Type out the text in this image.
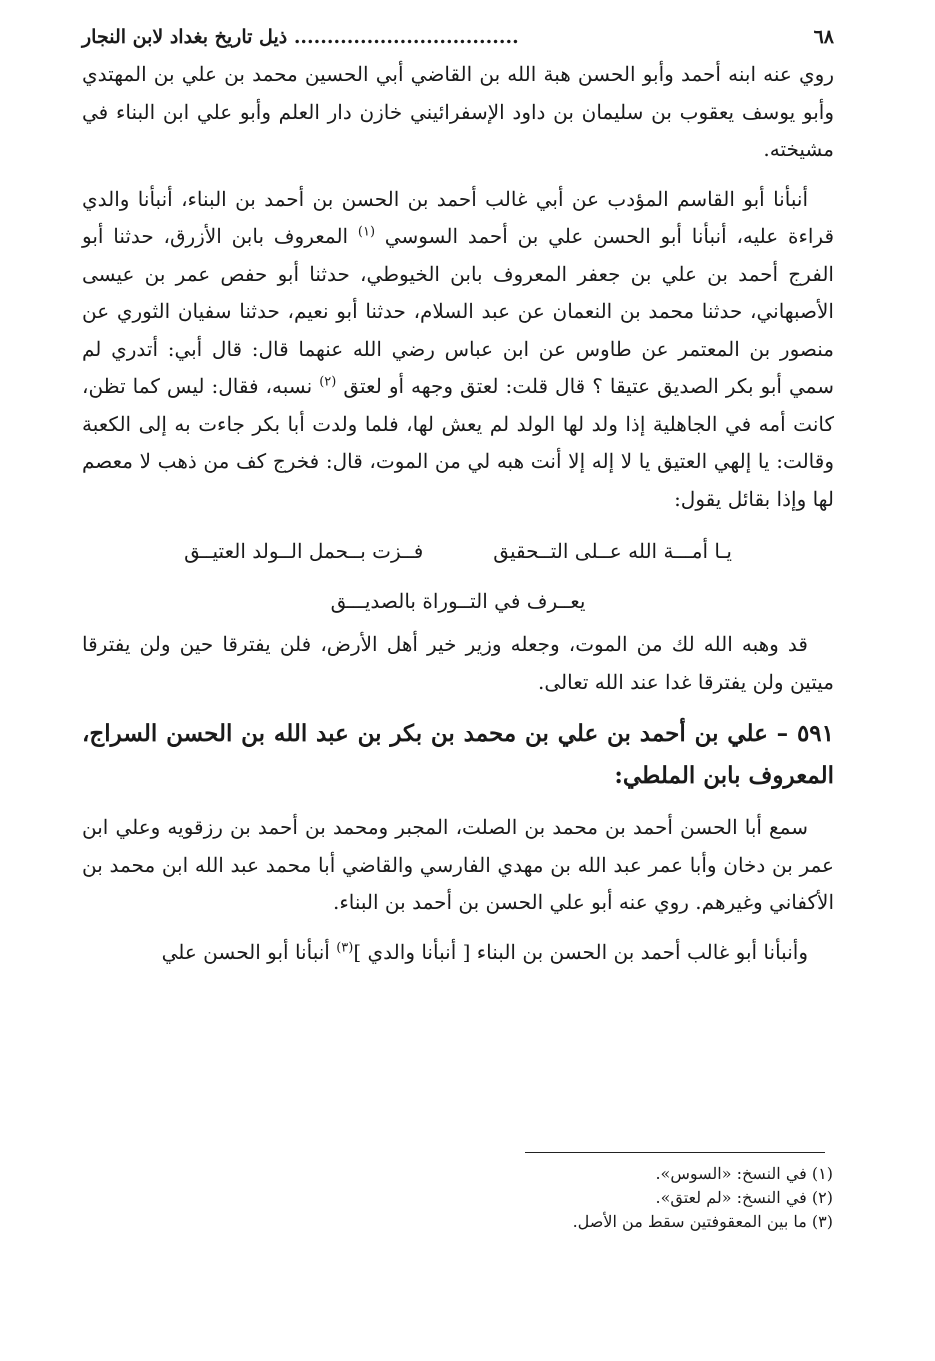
٦٨
.................................. ذيل تاريخ بغداد لابن النجار

روي عنه ابنه أحمد وأبو الحسن هبة الله بن القاضي أبي الحسين محمد بن علي بن المهتدي وأبو يوسف يعقوب بن سليمان بن داود الإسفرائيني خازن دار العلم وأبو علي ابن البناء في مشيخته.

أنبأنا أبو القاسم المؤدب عن أبي غالب أحمد بن الحسن بن أحمد بن البناء، أنبأنا والدي قراءة عليه، أنبأنا أبو الحسن علي بن أحمد السوسي $^{(١)}$ المعروف بابن الأزرق، حدثنا أبو الفرج أحمد بن علي بن جعفر المعروف بابن الخيوطي، حدثنا أبو حفص عمر بن عيسى الأصبهاني، حدثنا محمد بن النعمان عن عبد السلام، حدثنا أبو نعيم، حدثنا سفيان الثوري عن منصور بن المعتمر عن طاوس عن ابن عباس رضي الله عنهما قال: قال أبي: أتدري لم سمي أبو بكر الصديق عتيقا ؟ قال قلت: لعتق وجهه أو لعتق $^{(٢)}$ نسبه، فقال: ليس كما تظن، كانت أمه في الجاهلية إذا ولد لها الولد لم يعش لها، فلما ولدت أبا بكر جاءت به إلى الكعبة وقالت: يا إلهي العتيق يا لا إله إلا أنت هبه لي من الموت، قال: فخرج كف من ذهب لا معصم لها وإذا بقائل يقول:

يـا أمـــة الله عــلى التــحقيق
فــزت بــحمل الــولد العتيــق
يعــرف في التــوراة بالصديـــق

قد وهبه الله لك من الموت، وجعله وزير خير أهل الأرض، فلن يفترقا حين ولن يفترقا ميتين ولن يفترقا غدا عند الله تعالى.

٥٩١ – علي بن أحمد بن علي بن محمد بن بكر بن عبد الله بن الحسن السراج، المعروف بابن الملطي:

سمع أبا الحسن أحمد بن محمد بن الصلت، المجبر ومحمد بن أحمد بن رزقويه وعلي ابن عمر بن دخان وأبا عمر عبد الله بن مهدي الفارسي والقاضي أبا محمد عبد الله ابن محمد بن الأكفاني وغيرهم. روي عنه أبو علي الحسن بن أحمد بن البناء.

وأنبأنا أبو غالب أحمد بن الحسن بن البناء [ أنبأنا والدي ]$^{(٣)}$ أنبأنا أبو الحسن علي

(١) في النسخ: «السوس».
(٢) في النسخ: «لم لعتق».
(٣) ما بين المعقوفتين سقط من الأصل.
